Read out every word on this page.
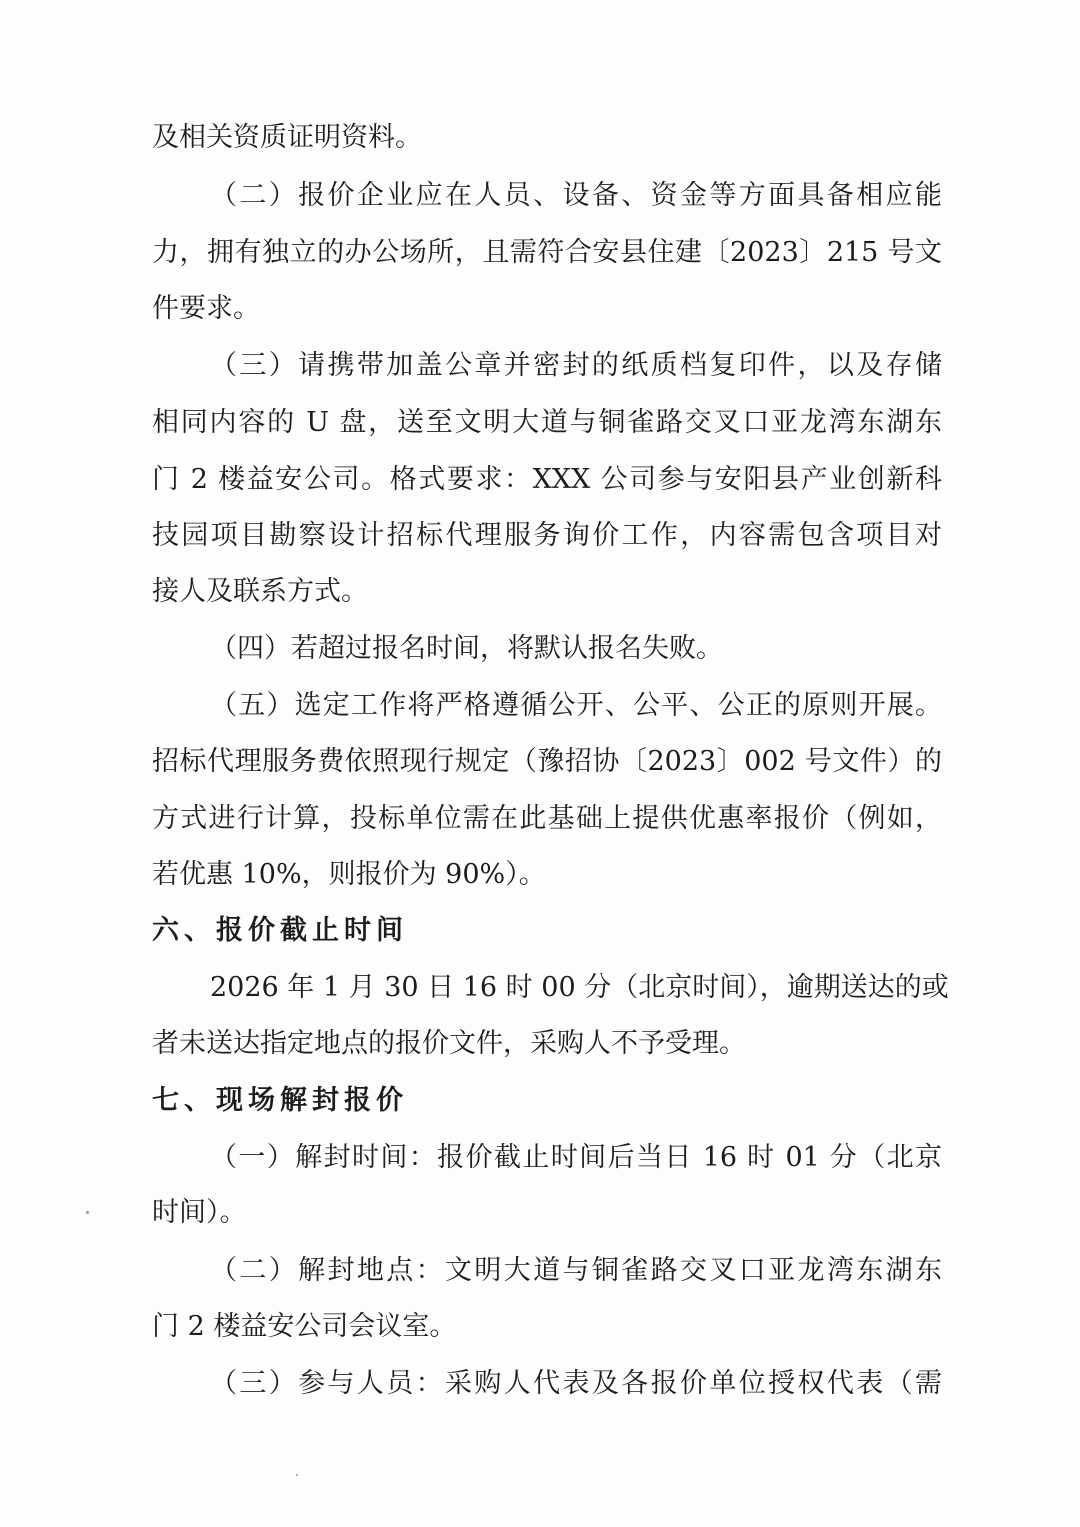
及相关资质证明资料。
（二）报价企业应在人员、设备、资金等方面具备相应能
力，拥有独立的办公场所，且需符合安县住建〔2023〕215 号文
件要求。
（三）请携带加盖公章并密封的纸质档复印件，以及存储
相同内容的 U 盘，送至文明大道与铜雀路交叉口亚龙湾东湖东
门 2 楼益安公司。格式要求：XXX 公司参与安阳县产业创新科
技园项目勘察设计招标代理服务询价工作，内容需包含项目对
接人及联系方式。
（四）若超过报名时间，将默认报名失败。
（五）选定工作将严格遵循公开、公平、公正的原则开展。
招标代理服务费依照现行规定（豫招协〔2023〕002 号文件）的
方式进行计算，投标单位需在此基础上提供优惠率报价（例如，
若优惠 10%，则报价为 90%）。
六、报价截止时间
2026 年 1 月 30 日 16 时 00 分（北京时间），逾期送达的或
者未送达指定地点的报价文件，采购人不予受理。
七、现场解封报价
（一）解封时间：报价截止时间后当日 16 时 01 分（北京
时间）。
（二）解封地点：文明大道与铜雀路交叉口亚龙湾东湖东
门 2 楼益安公司会议室。
（三）参与人员：采购人代表及各报价单位授权代表（需
